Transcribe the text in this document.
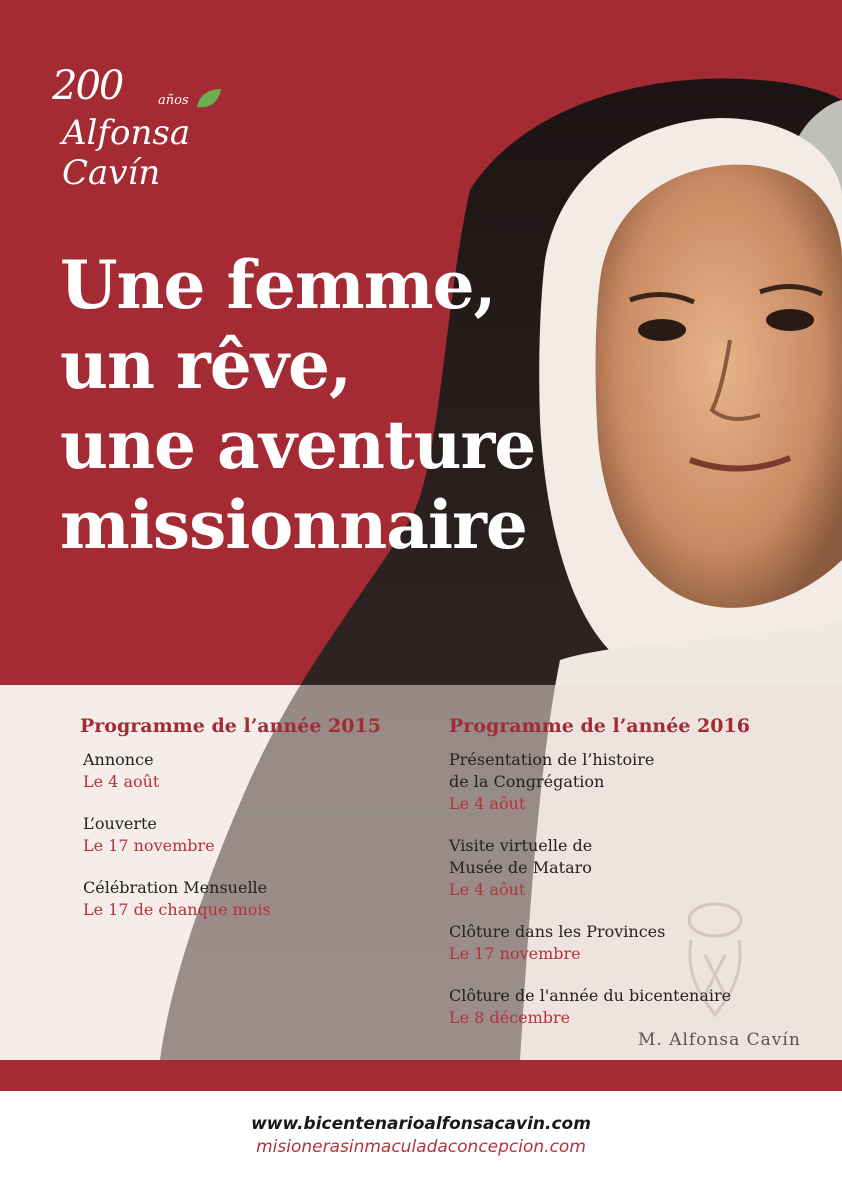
www.bicentenarioalfonsacavin.com
misionerasinmaculadaconcepcion.com
200	años
Alfonsa Cavín
Une femme,
un rêve,
une aventure
missionnaire
Programme de l’année 2015
Annonce
Le 4 août
L’ouverte
Le 17 novembre
Célébration Mensuelle
Le 17 de chanque mois
Programme de l’année 2016
Présentation de l’histoire
de la Congrégation
Le 4 aôut
Visite virtuelle de
Musée de Mataro
Le 4 aôut
Clôture dans les Provinces
Le 17 novembre
Clôture de l'année du bicentenaire
Le 8 décembre
M. Alfonsa Cavín
